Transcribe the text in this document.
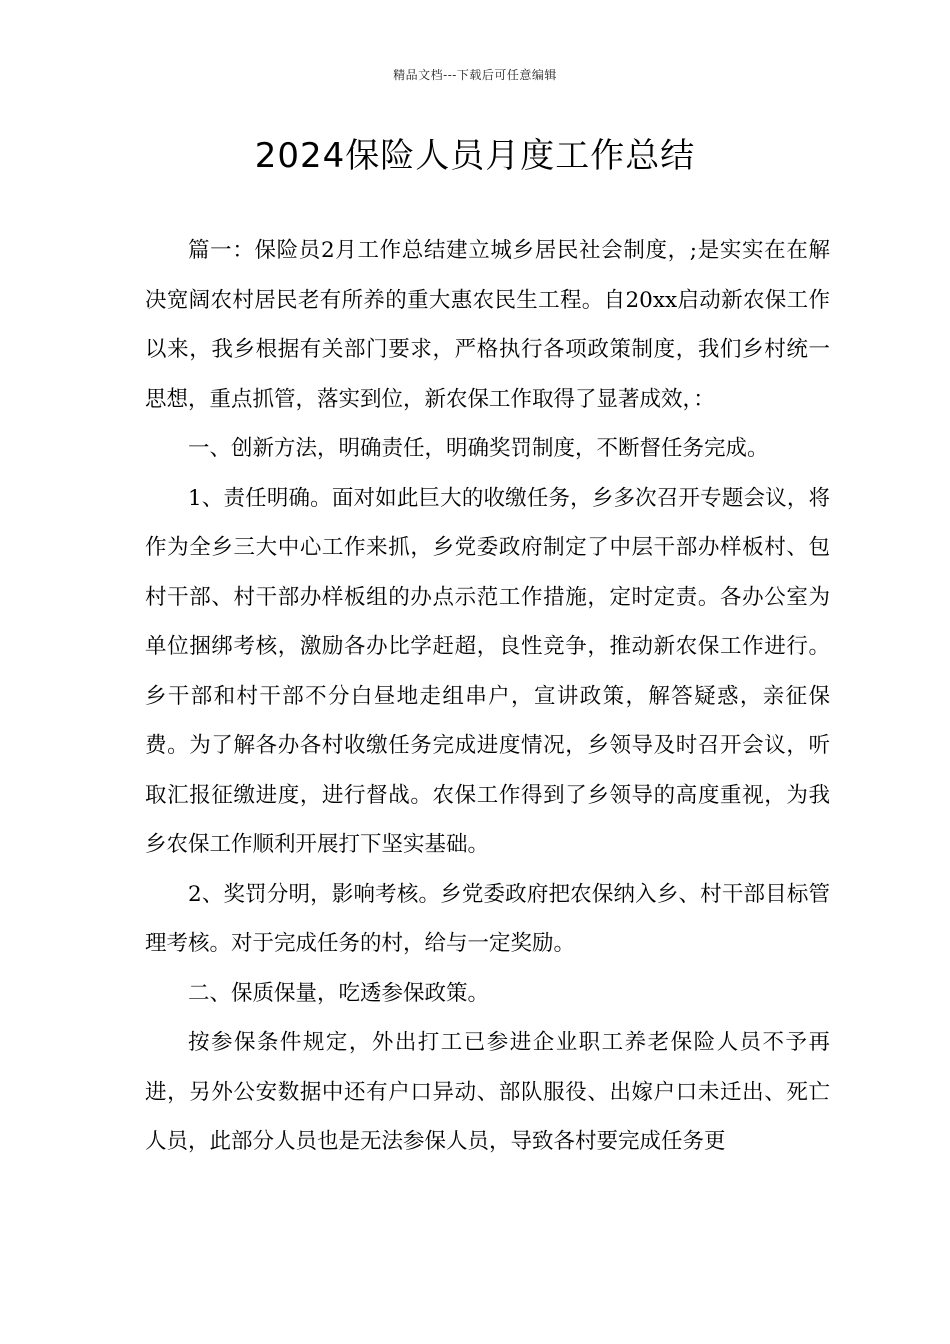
精品文档---下载后可任意编辑
2024保险人员月度工作总结

篇一：保险员2月工作总结建立城乡居民社会制度，;是实实在在解决宽阔农村居民老有所养的重大惠农民生工程。自20xx启动新农保工作以来，我乡根据有关部门要求，严格执行各项政策制度，我们乡村统一思想，重点抓管，落实到位，新农保工作取得了显著成效，：

一、创新方法，明确责任，明确奖罚制度，不断督任务完成。

1、责任明确。面对如此巨大的收缴任务，乡多次召开专题会议，将作为全乡三大中心工作来抓，乡党委政府制定了中层干部办样板村、包村干部、村干部办样板组的办点示范工作措施，定时定责。各办公室为单位捆绑考核，激励各办比学赶超，良性竞争，推动新农保工作进行。乡干部和村干部不分白昼地走组串户，宣讲政策，解答疑惑，亲征保费。为了解各办各村收缴任务完成进度情况，乡领导及时召开会议，听取汇报征缴进度，进行督战。农保工作得到了乡领导的高度重视，为我乡农保工作顺利开展打下坚实基础。

2、奖罚分明，影响考核。乡党委政府把农保纳入乡、村干部目标管理考核。对于完成任务的村，给与一定奖励。

二、保质保量，吃透参保政策。

按参保条件规定，外出打工已参进企业职工养老保险人员不予再进，另外公安数据中还有户口异动、部队服役、出嫁户口未迁出、死亡人员，此部分人员也是无法参保人员，导致各村要完成任务更
